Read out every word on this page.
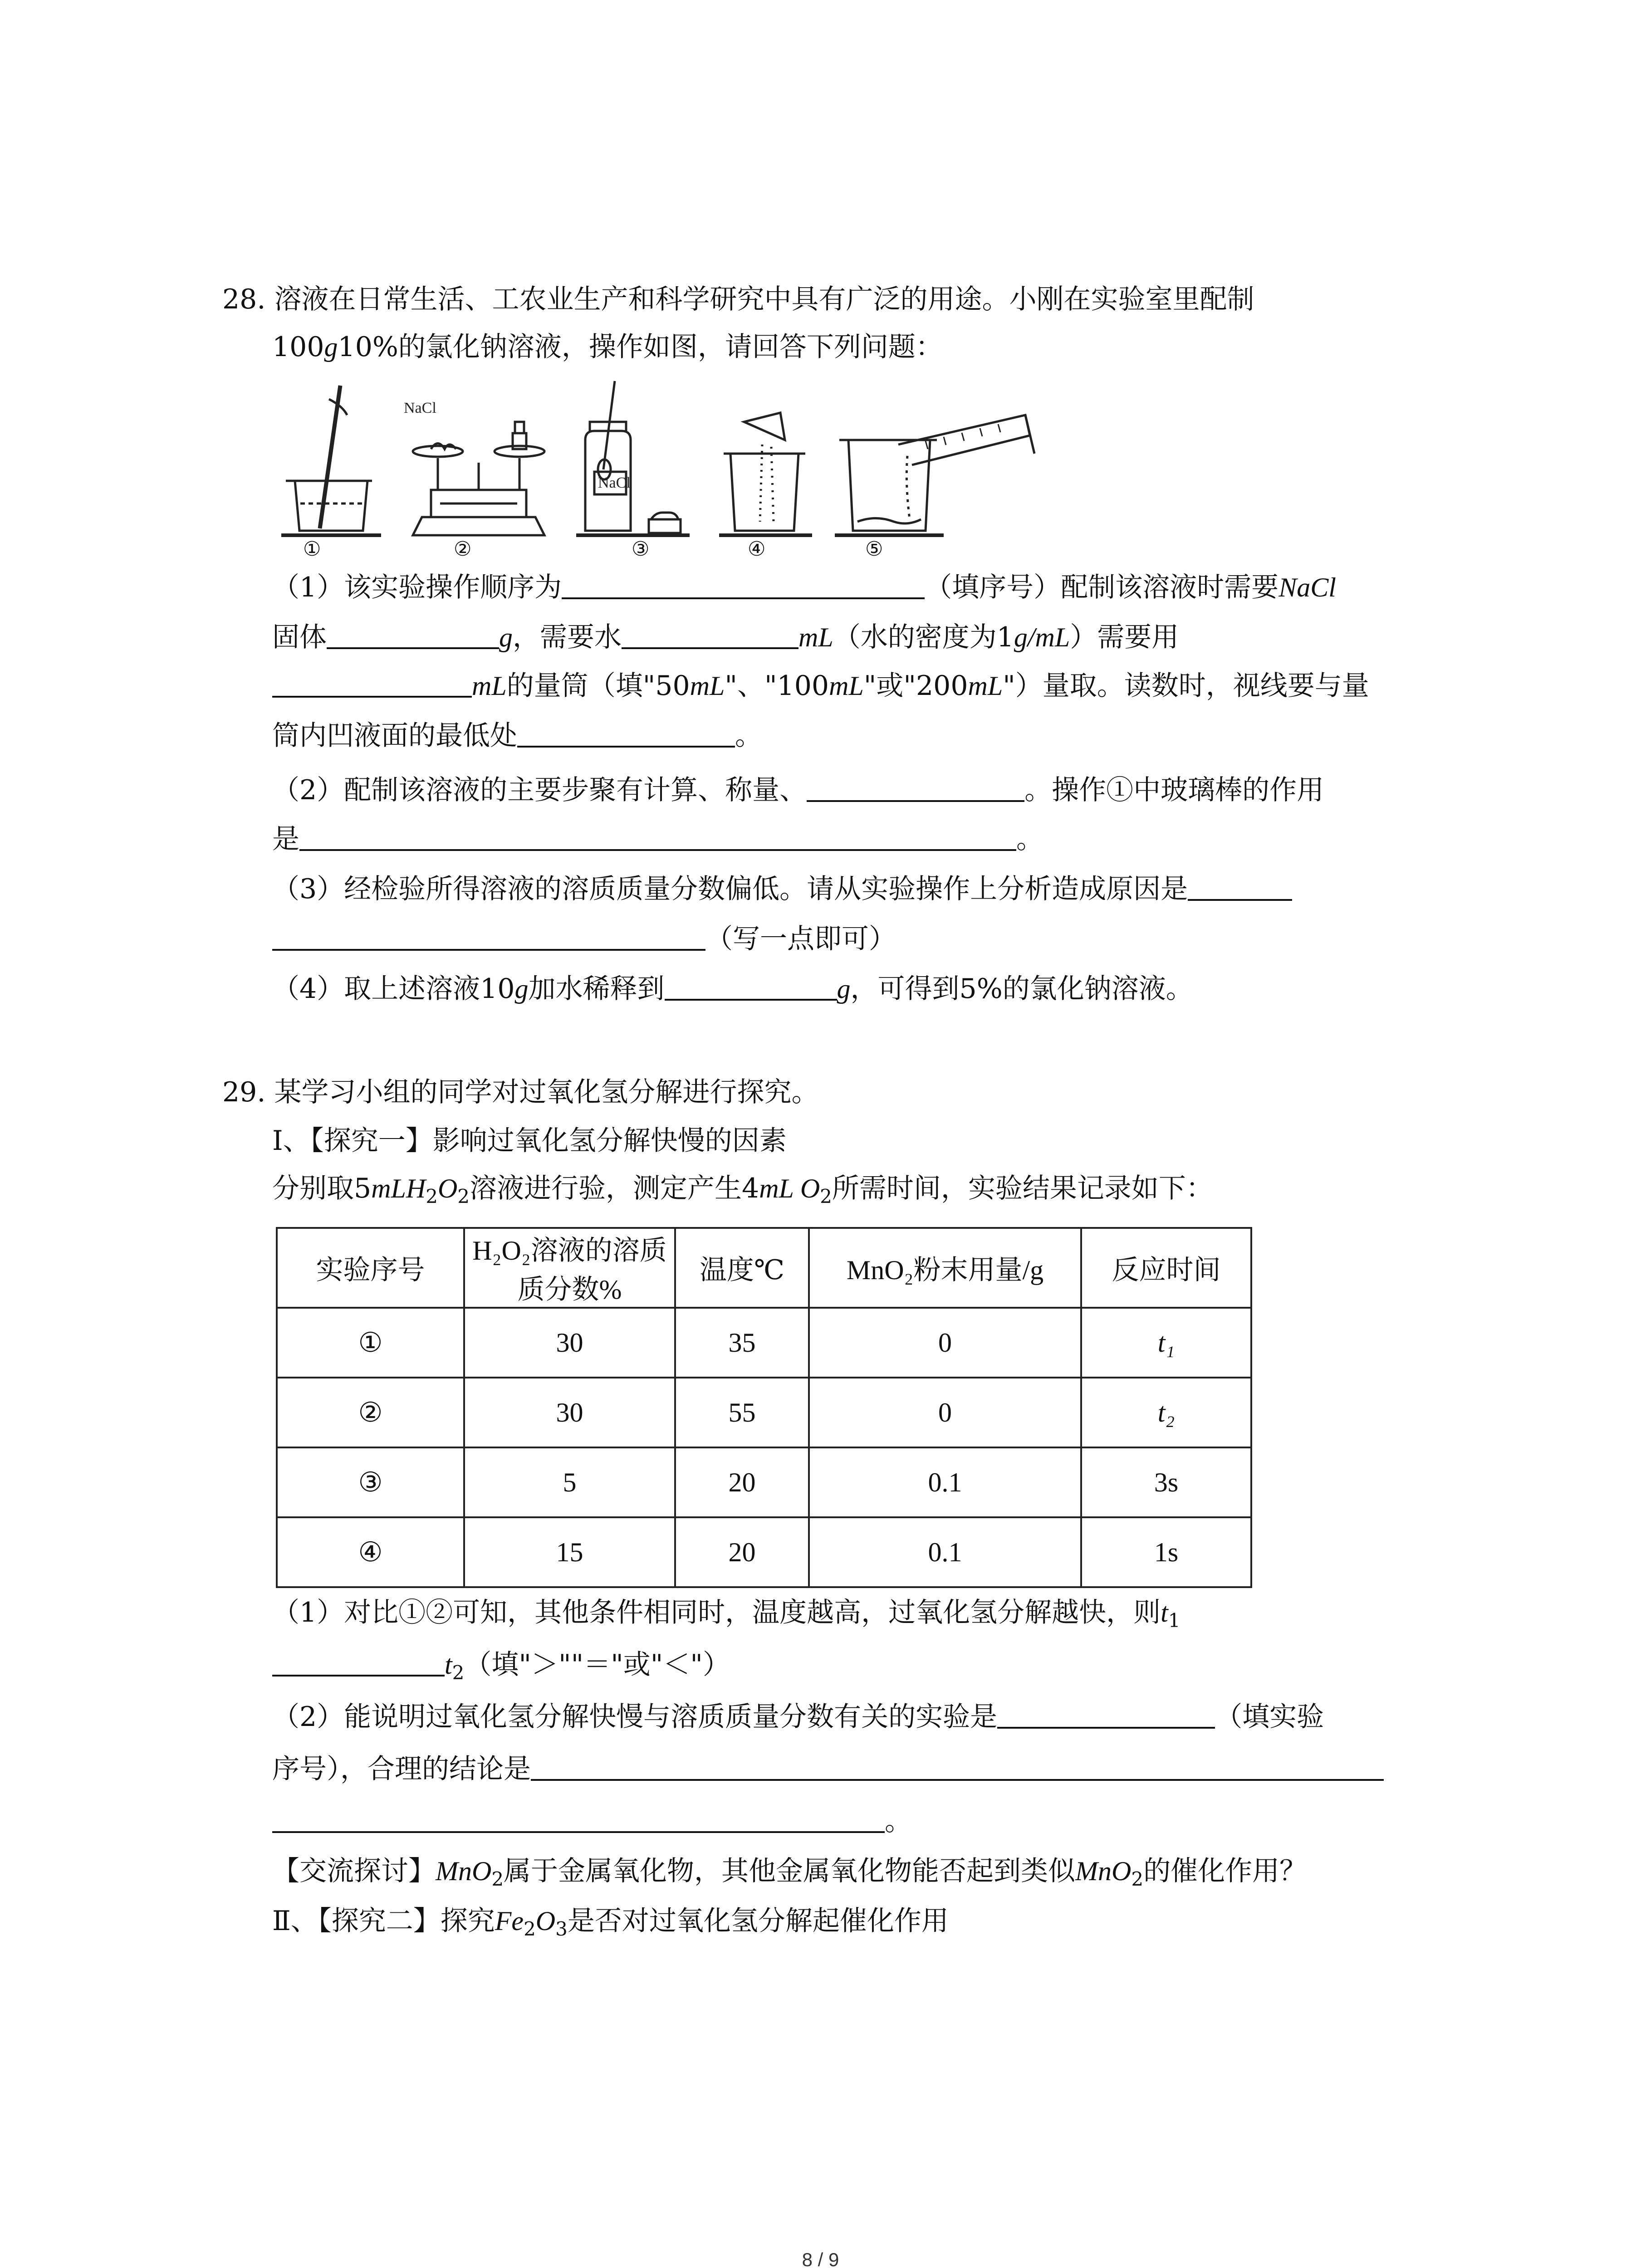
28. 溶液在日常生活、工农业生产和科学研究中具有广泛的用途。小刚在实验室里配制
100g10%的氯化钠溶液，操作如图，请回答下列问题：
NaCl
NaCl
①	②	③	④	⑤
（1）该实验操作顺序为	（填序号）配制该溶液时需要NaCl
固体	g，需要水	mL（水的密度为1g/mL）需要用
mL的量筒（填"50mL"、"100mL"或"200mL"）量取。读数时，视线要与量
筒内凹液面的最低处	。
（2）配制该溶液的主要步聚有计算、称量、	。操作①中玻璃棒的作用
是	。
（3）经检验所得溶液的溶质质量分数偏低。请从实验操作上分析造成原因是
（写一点即可）
（4）取上述溶液10g加水稀释到	g，可得到5%的氯化钠溶液。
29. 某学习小组的同学对过氧化氢分解进行探究。
Ⅰ、【探究一】影响过氧化氢分解快慢的因素
分别取$5mLH_2O_2$溶液进行验，测定产生4mL $O_2$所需时间，实验结果记录如下：
实验序号	H₂O₂溶液的溶质质分数%	温度℃	MnO₂粉末用量/g	反应时间
①	30	35	0	t₁
②	30	55	0	t₂
③	5	20	0.1	3s
④	15	20	0.1	1s
（1）对比①②可知，其他条件相同时，温度越高，过氧化氢分解越快，则$t_1$
$t_2$（填"＞""＝"或"＜"）
（2）能说明过氧化氢分解快慢与溶质质量分数有关的实验是	（填实验
序号），合理的结论是
。
【交流探讨】MnO$_2$属于金属氧化物，其他金属氧化物能否起到类似MnO$_2$的催化作用？
Ⅱ、【探究二】探究$Fe_2O_3$是否对过氧化氢分解起催化作用
8 / 9
